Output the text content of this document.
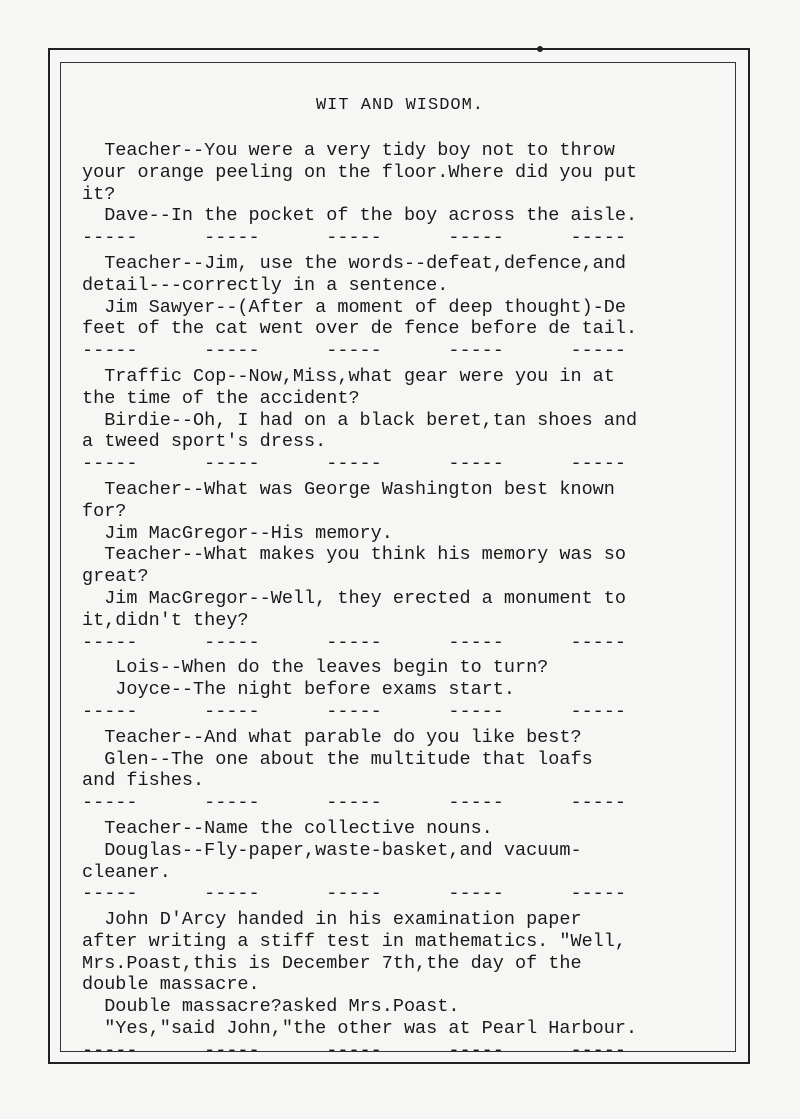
WIT AND WISDOM.
Teacher--You were a very tidy boy not to throw
your orange peeling on the floor.Where did you put
it?
Dave--In the pocket of the boy across the aisle.
-----      -----      -----      -----      -----
Teacher--Jim, use the words--defeat,defence,and
detail---correctly in a sentence.
Jim Sawyer--(After a moment of deep thought)-De
feet of the cat went over de fence before de tail.
-----      -----      -----      -----      -----
Traffic Cop--Now,Miss,what gear were you in at
the time of the accident?
Birdie--Oh, I had on a black beret,tan shoes and
a tweed sport's dress.
-----      -----      -----      -----      -----
Teacher--What was George Washington best known
for?
Jim MacGregor--His memory.
Teacher--What makes you think his memory was so
great?
Jim MacGregor--Well, they erected a monument to
it,didn't they?
-----      -----      -----      -----      -----
Lois--When do the leaves begin to turn?
Joyce--The night before exams start.
-----      -----      -----      -----      -----
Teacher--And what parable do you like best?
Glen--The one about the multitude that loafs
and fishes.
-----      -----      -----      -----      -----
Teacher--Name the collective nouns.
Douglas--Fly-paper,waste-basket,and vacuum-
cleaner.
-----      -----      -----      -----      -----
John D'Arcy handed in his examination paper
after writing a stiff test in mathematics. "Well,
Mrs.Poast,this is December 7th,the day of the
double massacre.
Double massacre?asked Mrs.Poast.
"Yes,"said John,"the other was at Pearl Harbour.
-----      -----      -----      -----      -----
